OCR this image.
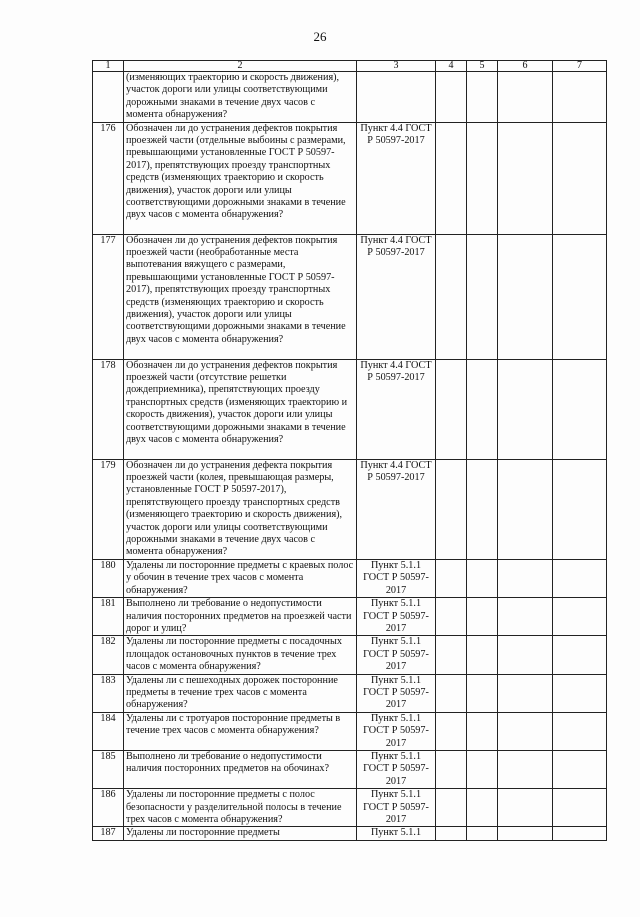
26
1	2	3	4	5	6	7
	(изменяющих траекторию и скорость движения), участок дороги или улицы соответствующими дорожными знаками в течение двух часов с момента обнаружения?					
176	Обозначен ли до устранения дефектов покрытия проезжей части (отдельные выбоины с размерами, превышающими установленные ГОСТ Р 50597-2017), препятствующих проезду транспортных средств (изменяющих траекторию и скорость движения), участок дороги или улицы соответствующими дорожными знаками в течение двух часов с момента обнаружения?	Пункт 4.4 ГОСТ Р 50597-2017				
177	Обозначен ли до устранения дефектов покрытия проезжей части (необработанные места выпотевания вяжущего с размерами, превышающими установленные ГОСТ Р 50597-2017), препятствующих проезду транспортных средств (изменяющих траекторию и скорость движения), участок дороги или улицы соответствующими дорожными знаками в течение двух часов с момента обнаружения?	Пункт 4.4 ГОСТ Р 50597-2017				
178	Обозначен ли до устранения дефектов покрытия проезжей части (отсутствие решетки дождеприемника), препятствующих проезду транспортных средств (изменяющих траекторию и скорость движения), участок дороги или улицы соответствующими дорожными знаками в течение двух часов с момента обнаружения?	Пункт 4.4 ГОСТ Р 50597-2017				
179	Обозначен ли до устранения дефекта покрытия проезжей части (колея, превышающая размеры, установленные ГОСТ Р 50597-2017), препятствующего проезду транспортных средств (изменяющего траекторию и скорость движения), участок дороги или улицы соответствующими дорожными знаками в течение двух часов с момента обнаружения?	Пункт 4.4 ГОСТ Р 50597-2017				
180	Удалены ли посторонние предметы с краевых полос у обочин в течение трех часов с момента обнаружения?	Пункт 5.1.1 ГОСТ Р 50597-2017				
181	Выполнено ли требование о недопустимости наличия посторонних предметов на проезжей части дорог и улиц?	Пункт 5.1.1 ГОСТ Р 50597-2017				
182	Удалены ли посторонние предметы с посадочных площадок остановочных пунктов в течение трех часов с момента обнаружения?	Пункт 5.1.1 ГОСТ Р 50597-2017				
183	Удалены ли с пешеходных дорожек посторонние предметы в течение трех часов с момента обнаружения?	Пункт 5.1.1 ГОСТ Р 50597-2017				
184	Удалены ли с тротуаров посторонние предметы в течение трех часов с момента обнаружения?	Пункт 5.1.1 ГОСТ Р 50597-2017				
185	Выполнено ли требование о недопустимости наличия посторонних предметов на обочинах?	Пункт 5.1.1 ГОСТ Р 50597-2017				
186	Удалены ли посторонние предметы с полос безопасности у разделительной полосы в течение трех часов с момента обнаружения?	Пункт 5.1.1 ГОСТ Р 50597-2017				
187	Удалены ли посторонние предметы	Пункт 5.1.1				
